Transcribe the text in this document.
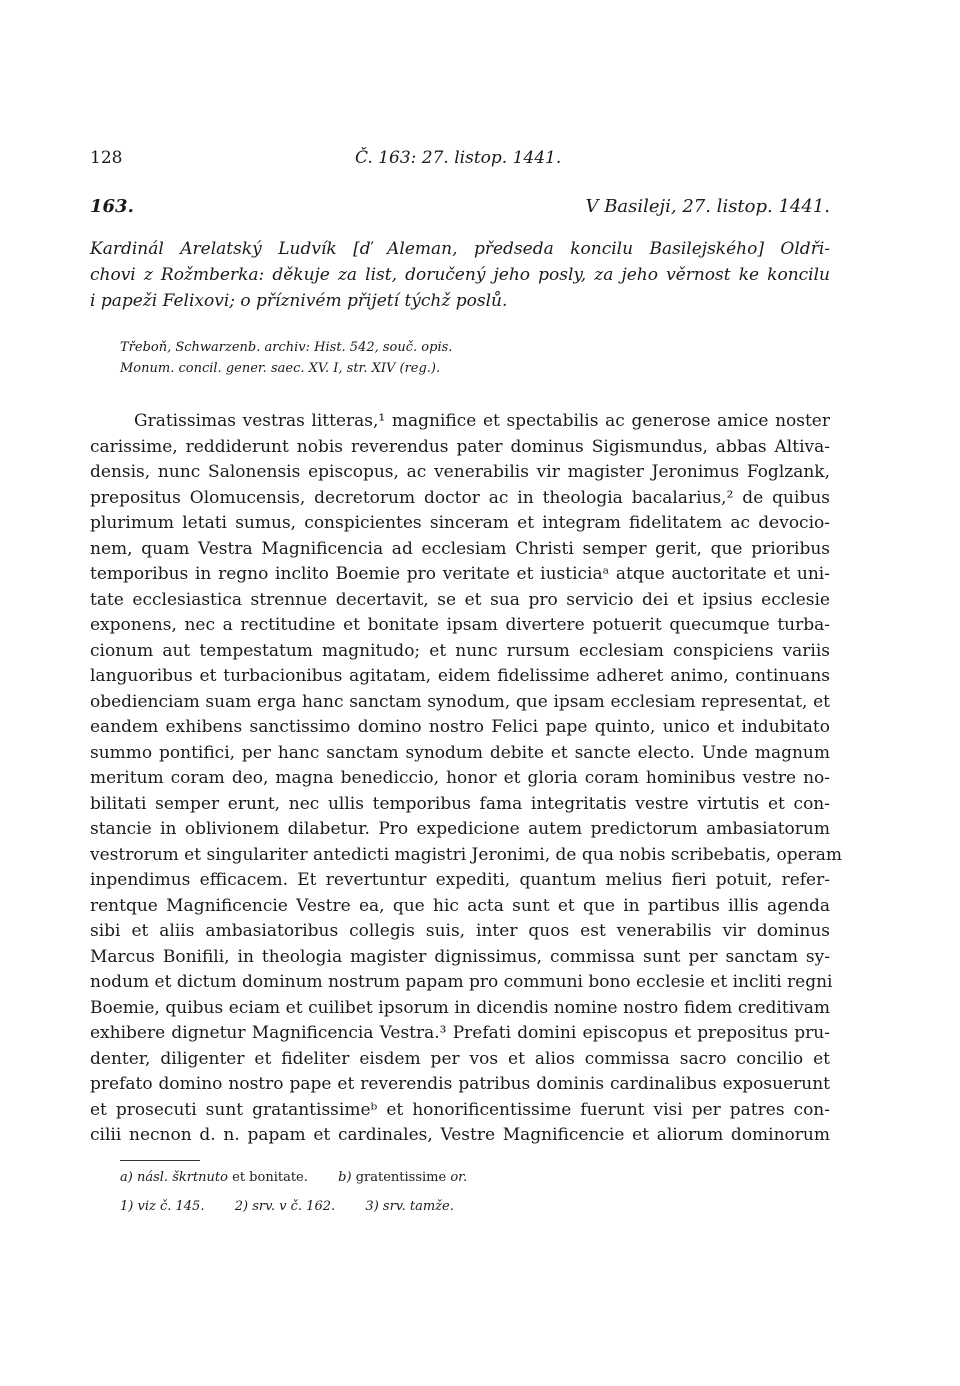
128	Č. 163: 27. listop. 1441.
163.	V Basileji, 27. listop. 1441.
Kardinál Arelatský Ludvík [ď Aleman, předseda koncilu Basilejského] Oldři-
chovi z Rožmberka: děkuje za list, doručený jeho posly, za jeho věrnost ke koncilu
i papeži Felixovi; o příznivém přijetí týchž poslů.
Třeboň, Schwarzenb. archiv: Hist. 542, souč. opis.
Monum. concil. gener. saec. XV. I, str. XIV (reg.).
Gratissimas vestras litteras,¹ magnifice et spectabilis ac generose amice noster
carissime, reddiderunt nobis reverendus pater dominus Sigismundus, abbas Altiva-
densis, nunc Salonensis episcopus, ac venerabilis vir magister Jeronimus Foglzank,
prepositus Olomucensis, decretorum doctor ac in theologia bacalarius,² de quibus
plurimum letati sumus, conspicientes sinceram et integram fidelitatem ac devocio-
nem, quam Vestra Magnificencia ad ecclesiam Christi semper gerit, que prioribus
temporibus in regno inclito Boemie pro veritate et iusticiaᵃ atque auctoritate et uni-
tate ecclesiastica strennue decertavit, se et sua pro servicio dei et ipsius ecclesie
exponens, nec a rectitudine et bonitate ipsam divertere potuerit quecumque turba-
cionum aut tempestatum magnitudo; et nunc rursum ecclesiam conspiciens variis
languoribus et turbacionibus agitatam, eidem fidelissime adheret animo, continuans
obedienciam suam erga hanc sanctam synodum, que ipsam ecclesiam representat, et
eandem exhibens sanctissimo domino nostro Felici pape quinto, unico et indubitato
summo pontifici, per hanc sanctam synodum debite et sancte electo. Unde magnum
meritum coram deo, magna benediccio, honor et gloria coram hominibus vestre no-
bilitati semper erunt, nec ullis temporibus fama integritatis vestre virtutis et con-
stancie in oblivionem dilabetur. Pro expedicione autem predictorum ambasiatorum
vestrorum et singulariter antedicti magistri Jeronimi, de qua nobis scribebatis, operam
inpendimus efficacem. Et revertuntur expediti, quantum melius fieri potuit, refer-
rentque Magnificencie Vestre ea, que hic acta sunt et que in partibus illis agenda
sibi et aliis ambasiatoribus collegis suis, inter quos est venerabilis vir dominus
Marcus Bonifili, in theologia magister dignissimus, commissa sunt per sanctam sy-
nodum et dictum dominum nostrum papam pro communi bono ecclesie et incliti regni
Boemie, quibus eciam et cuilibet ipsorum in dicendis nomine nostro fidem creditivam
exhibere dignetur Magnificencia Vestra.³ Prefati domini episcopus et prepositus pru-
denter, diligenter et fideliter eisdem per vos et alios commissa sacro concilio et
prefato domino nostro pape et reverendis patribus dominis cardinalibus exposuerunt
et prosecuti sunt gratantissimeᵇ et honorificentissime fuerunt visi per patres con-
cilii necnon d. n. papam et cardinales, Vestre Magnificencie et aliorum dominorum
a) násl. škrtnuto et bonitate. b) gratentissime or.
1) viz č. 145. 2) srv. v č. 162. 3) srv. tamže.
